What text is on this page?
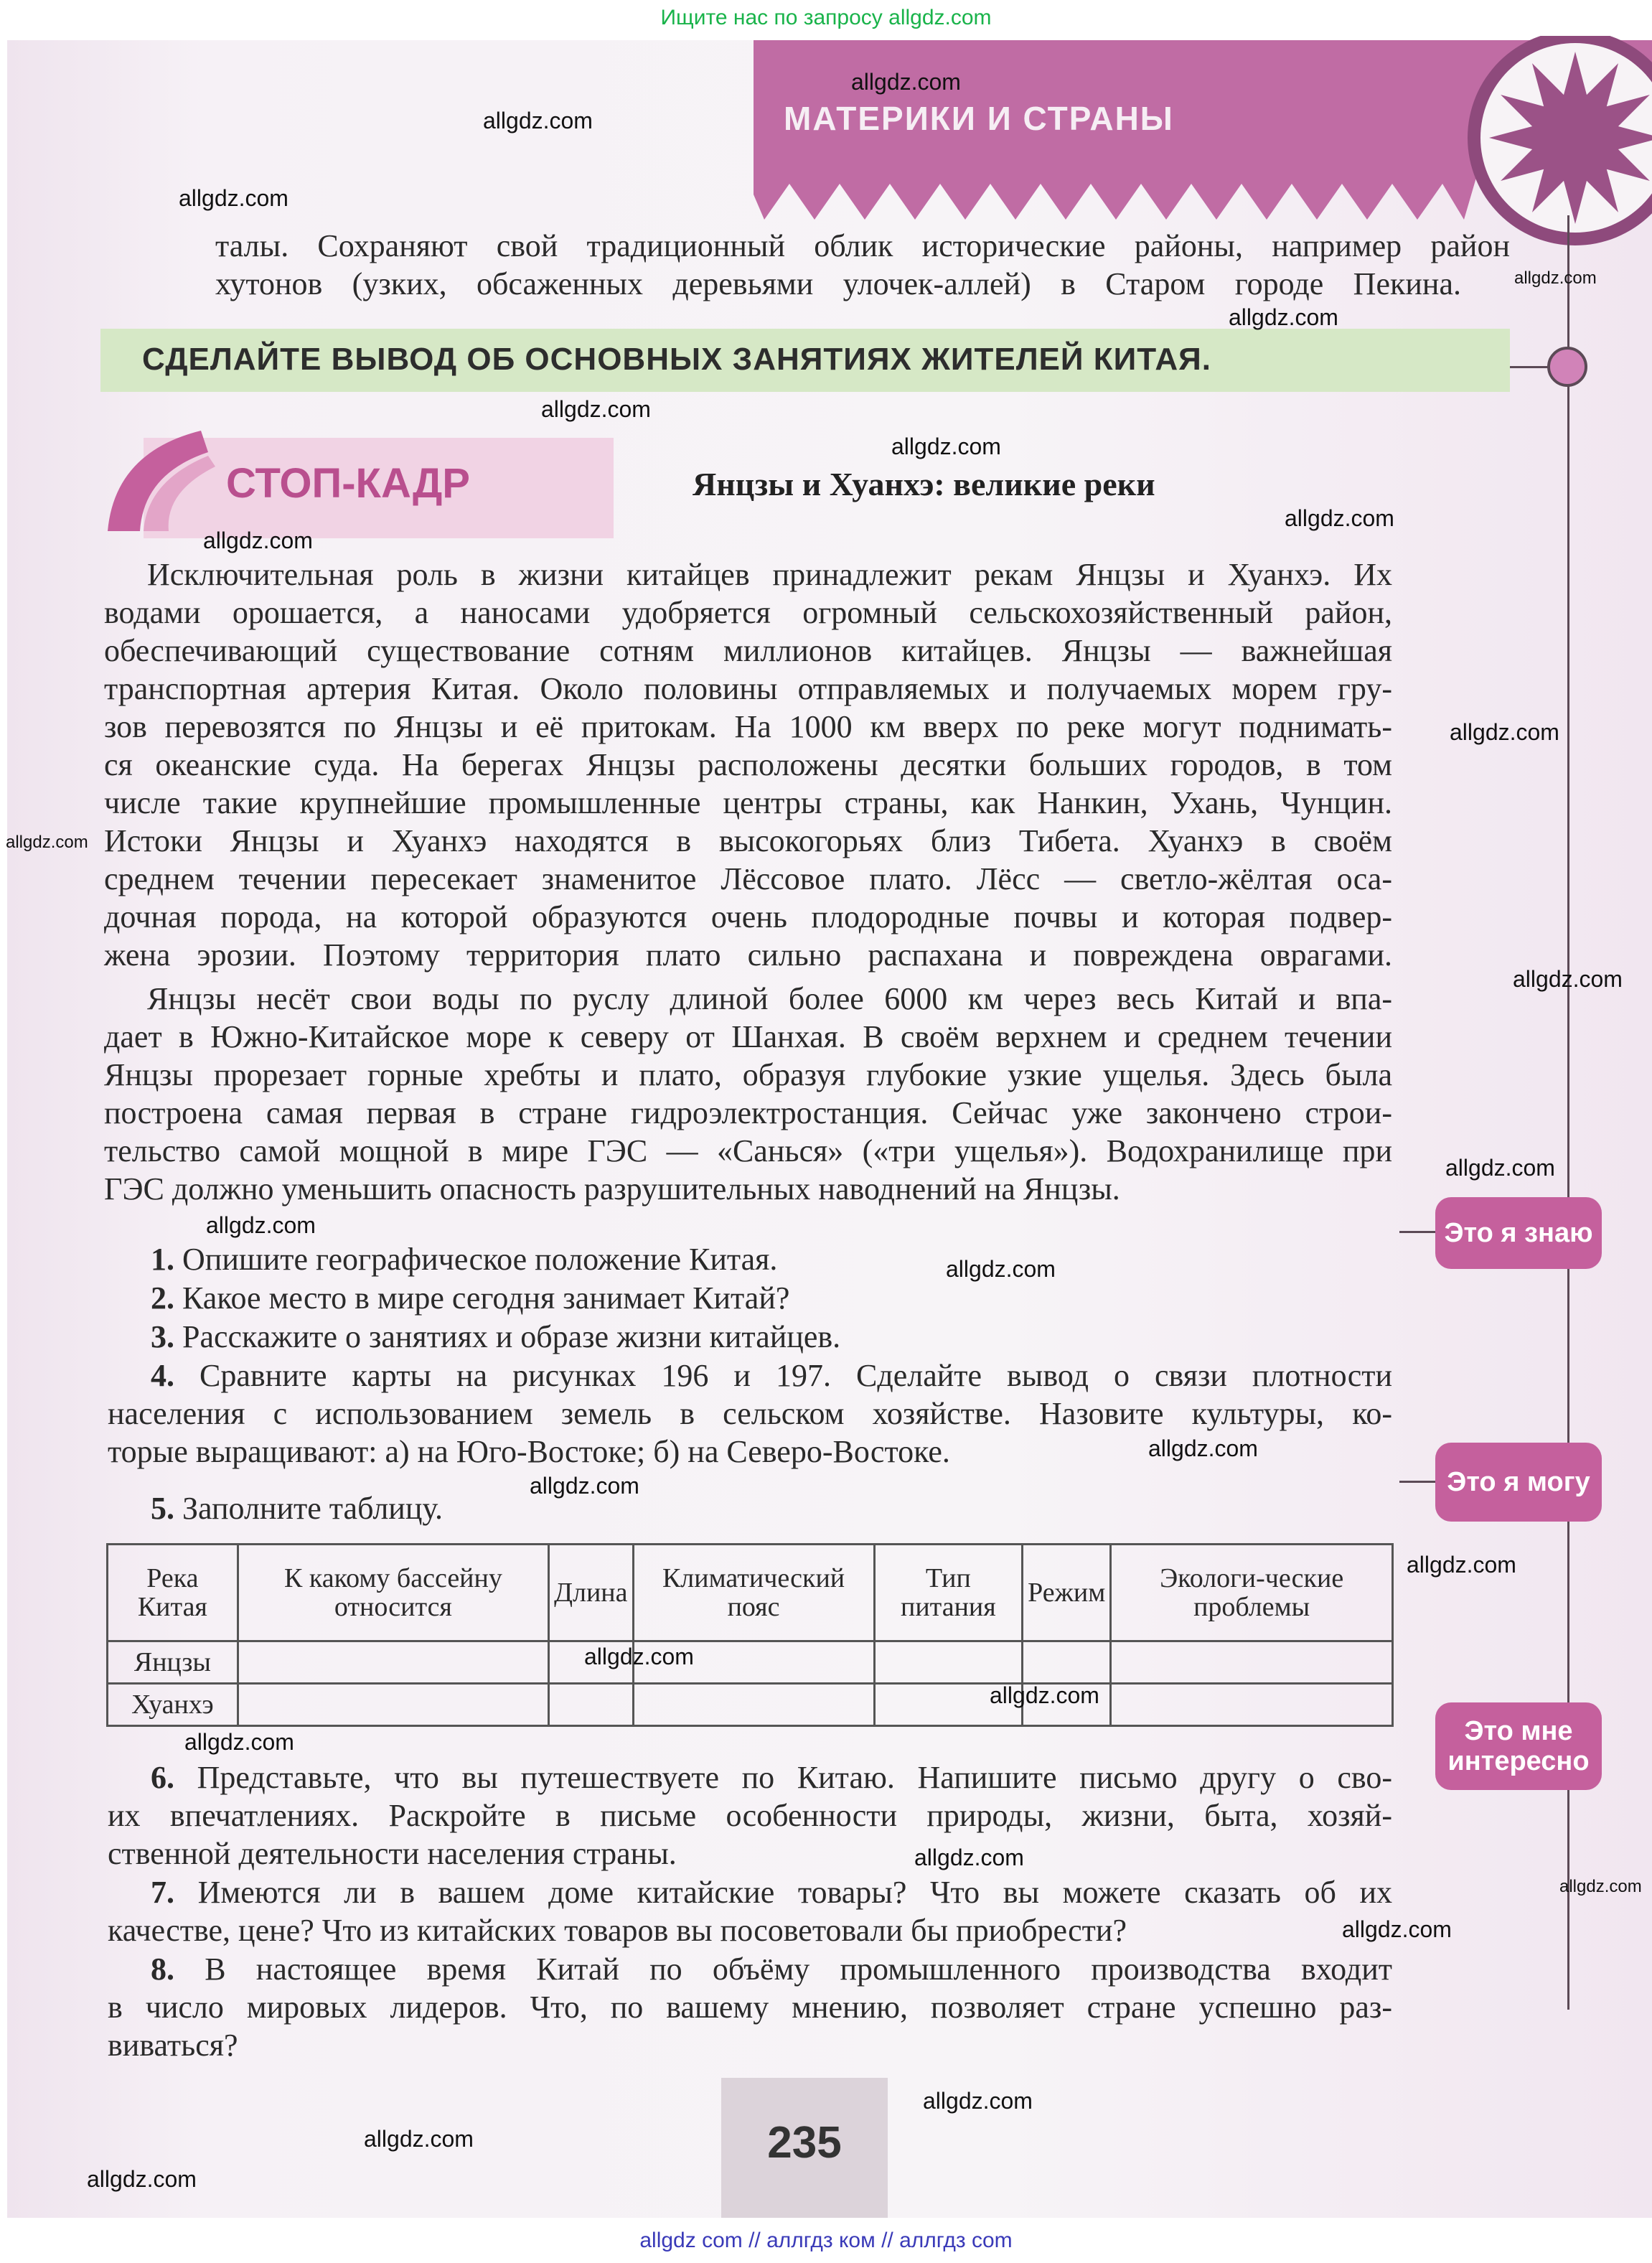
Ищите нас по запросу allgdz.com
МАТЕРИКИ И СТРАНЫ
талы. Сохраняют свой традиционный облик исторические районы, например район
хутонов (узких, обсаженных деревьями улочек-аллей) в Старом городе Пекина.
СДЕЛАЙТЕ ВЫВОД ОБ ОСНОВНЫХ ЗАНЯТИЯХ ЖИТЕЛЕЙ КИТАЯ.
СТОП-КАДР	Янцзы и Хуанхэ: великие реки
Исключительная роль в жизни китайцев принадлежит рекам Янцзы и Хуанхэ. Их
водами орошается, а наносами удобряется огромный сельскохозяйственный район,
обеспечивающий существование сотням миллионов китайцев. Янцзы — важнейшая
транспортная артерия Китая. Около половины отправляемых и получаемых морем гру-
зов перевозятся по Янцзы и её притокам. На 1000 км вверх по реке могут поднимать-
ся океанские суда. На берегах Янцзы расположены десятки больших городов, в том
числе такие крупнейшие промышленные центры страны, как Нанкин, Ухань, Чунцин.
Истоки Янцзы и Хуанхэ находятся в высокогорьях близ Тибета. Хуанхэ в своём
среднем течении пересекает знаменитое Лёссовое плато. Лёсс — светло-жёлтая оса-
дочная порода, на которой образуются очень плодородные почвы и которая подвер-
жена эрозии. Поэтому территория плато сильно распахана и повреждена оврагами.
Янцзы несёт свои воды по руслу длиной более 6000 км через весь Китай и впа-
дает в Южно-Китайское море к северу от Шанхая. В своём верхнем и среднем течении
Янцзы прорезает горные хребты и плато, образуя глубокие узкие ущелья. Здесь была
построена самая первая в стране гидроэлектростанция. Сейчас уже закончено строи-
тельство самой мощной в мире ГЭС — «Санься» («три ущелья»). Водохранилище при
ГЭС должно уменьшить опасность разрушительных наводнений на Янцзы.
1. Опишите географическое положение Китая.
2. Какое место в мире сегодня занимает Китай?
3. Расскажите о занятиях и образе жизни китайцев.
4. Сравните карты на рисунках 196 и 197. Сделайте вывод о связи плотности
населения с использованием земель в сельском хозяйстве. Назовите культуры, ко-
торые выращивают: а) на Юго-Востоке; б) на Северо-Востоке.
5. Заполните таблицу.
6. Представьте, что вы путешествуете по Китаю. Напишите письмо другу о сво-
их впечатлениях. Раскройте в письме особенности природы, жизни, быта, хозяй-
ственной деятельности населения страны.
7. Имеются ли в вашем доме китайские товары? Что вы можете сказать об их
качестве, цене? Что из китайских товаров вы посоветовали бы приобрести?
8. В настоящее время Китай по объёму промышленного производства входит
в число мировых лидеров. Что, по вашему мнению, позволяет стране успешно раз-
виваться?
Река Китая	К какому бассейну относится	Длина	Климатический пояс	Тип питания	Режим	Экологи-ческие проблемы
Янцзы						
Хуанхэ						
Это я знаю
Это я могу
Это мне интересно
235
allgdz.com
allgdz.com
allgdz.com
allgdz.com
allgdz.com
allgdz.com
allgdz.com
allgdz.com
allgdz.com
allgdz.com
allgdz.com
allgdz.com
allgdz.com
allgdz.com
allgdz.com
allgdz.com
allgdz.com
allgdz.com
allgdz.com
allgdz.com
allgdz.com
allgdz.com
allgdz.com
allgdz.com
allgdz.com
allgdz.com
allgdz.com
allgdz com // аллгдз ком // аллгдз com
